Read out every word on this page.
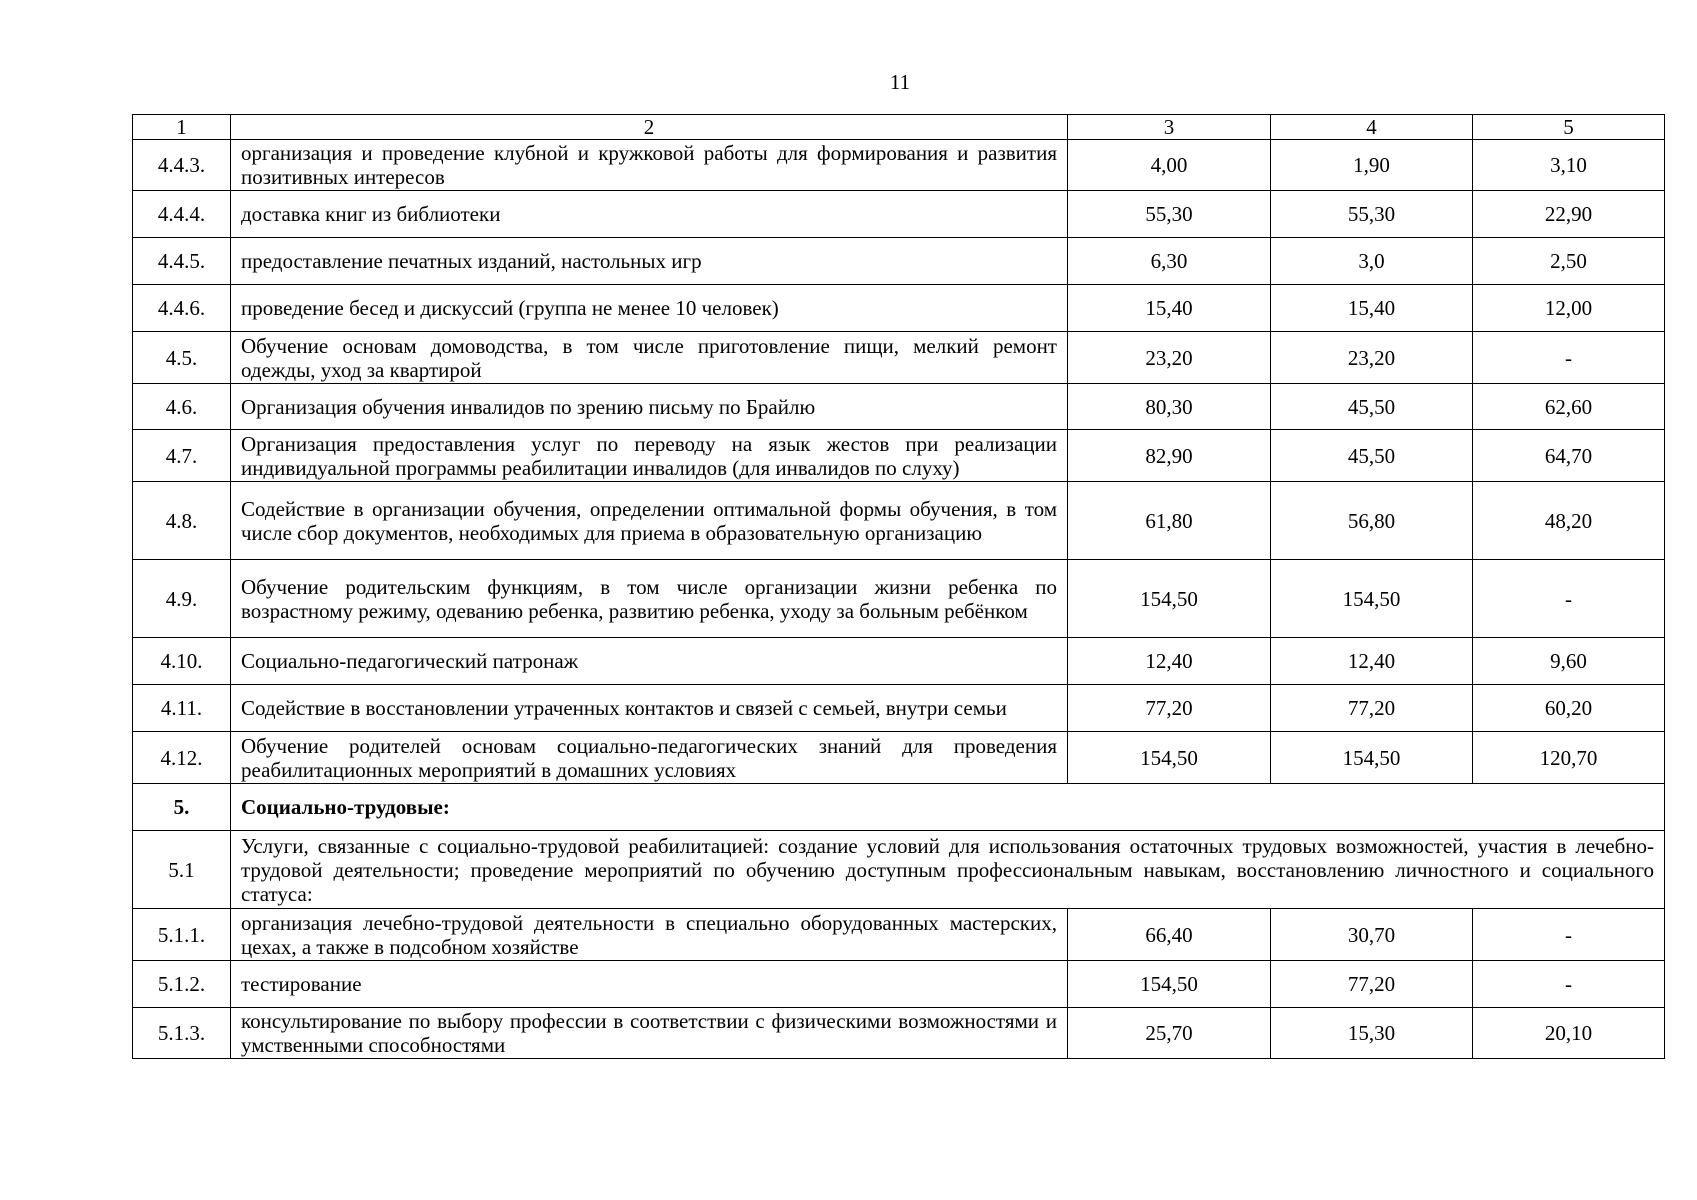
11
1	2	3	4	5
4.4.3.	организация и проведение клубной и кружковой работы для формирования и развития позитивных интересов	4,00	1,90	3,10
4.4.4.	доставка книг из библиотеки	55,30	55,30	22,90
4.4.5.	предоставление печатных изданий, настольных игр	6,30	3,0	2,50
4.4.6.	проведение бесед и дискуссий (группа не менее 10 человек)	15,40	15,40	12,00
4.5.	Обучение основам домоводства, в том числе приготовление пищи, мелкий ремонт одежды, уход за квартирой	23,20	23,20	-
4.6.	Организация обучения инвалидов по зрению письму по Брайлю	80,30	45,50	62,60
4.7.	Организация предоставления услуг по переводу на язык жестов при реализации индивидуальной программы реабилитации инвалидов (для инвалидов по слуху)	82,90	45,50	64,70
4.8.	Содействие в организации обучения, определении оптимальной формы обучения, в том числе сбор документов, необходимых для приема в образовательную организацию	61,80	56,80	48,20
4.9.	Обучение родительским функциям, в том числе организации жизни ребенка по возрастному режиму, одеванию ребенка, развитию ребенка, уходу за больным ребёнком	154,50	154,50	-
4.10.	Социально-педагогический патронаж	12,40	12,40	9,60
4.11.	Содействие в восстановлении утраченных контактов и связей с семьей, внутри семьи	77,20	77,20	60,20
4.12.	Обучение родителей основам социально-педагогических знаний для проведения реабилитационных мероприятий в домашних условиях	154,50	154,50	120,70
5.	Социально-трудовые:			
5.1	Услуги, связанные с социально-трудовой реабилитацией: создание условий для использования остаточных трудовых возможностей, участия в лечебно-трудовой деятельности; проведение мероприятий по обучению доступным профессиональным навыкам, восстановлению личностного и социального статуса:			
5.1.1.	организация лечебно-трудовой деятельности в специально оборудованных мастерских, цехах, а также в подсобном хозяйстве	66,40	30,70	-
5.1.2.	тестирование	154,50	77,20	-
5.1.3.	консультирование по выбору профессии в соответствии с физическими возможностями и умственными способностями	25,70	15,30	20,10
